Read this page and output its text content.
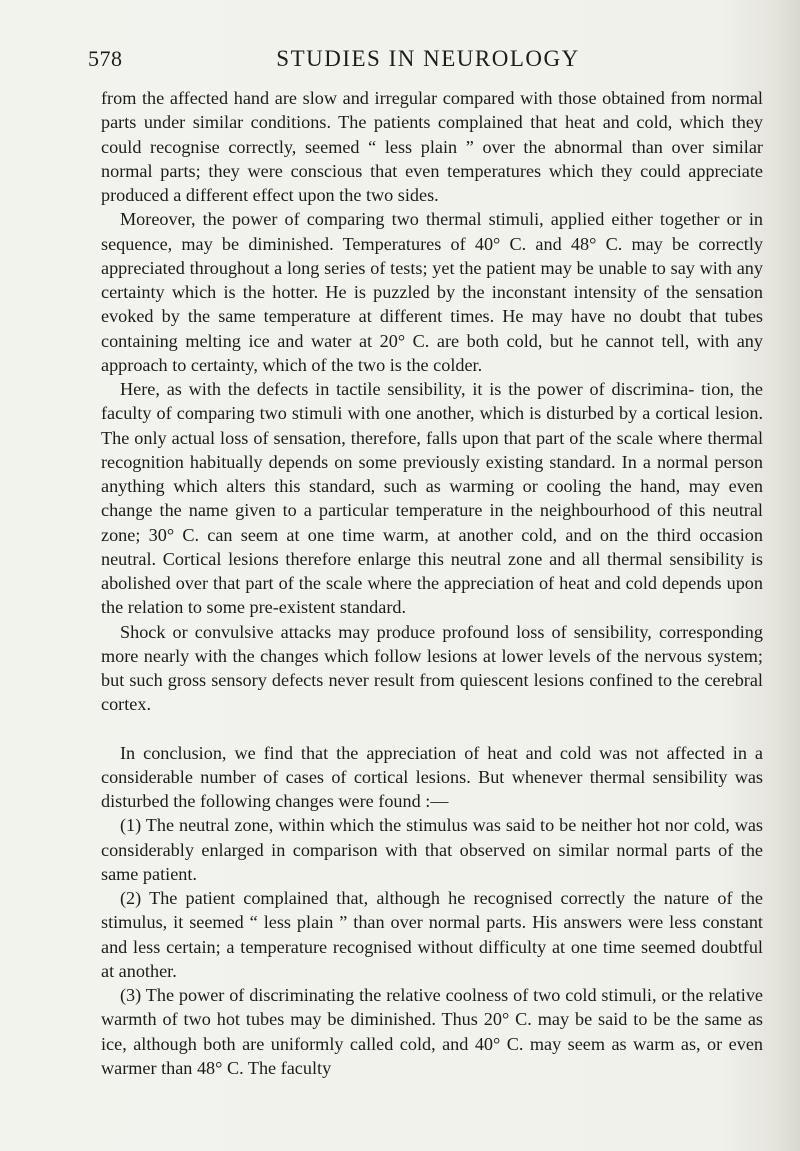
578	STUDIES IN NEUROLOGY

from the affected hand are slow and irregular compared with those obtained from normal parts under similar conditions. The patients complained that heat and cold, which they could recognise correctly, seemed “ less plain ” over the abnormal than over similar normal parts; they were conscious that even temperatures which they could appreciate produced a different effect upon the two sides.

Moreover, the power of comparing two thermal stimuli, applied either together or in sequence, may be diminished. Temperatures of 40° C. and 48° C. may be correctly appreciated throughout a long series of tests; yet the patient may be unable to say with any certainty which is the hotter. He is puzzled by the inconstant intensity of the sensation evoked by the same temperature at different times. He may have no doubt that tubes containing melting ice and water at 20° C. are both cold, but he cannot tell, with any approach to certainty, which of the two is the colder.

Here, as with the defects in tactile sensibility, it is the power of discrimina- tion, the faculty of comparing two stimuli with one another, which is disturbed by a cortical lesion. The only actual loss of sensation, therefore, falls upon that part of the scale where thermal recognition habitually depends on some previously existing standard. In a normal person anything which alters this standard, such as warming or cooling the hand, may even change the name given to a particular temperature in the neighbourhood of this neutral zone; 30° C. can seem at one time warm, at another cold, and on the third occasion neutral. Cortical lesions therefore enlarge this neutral zone and all thermal sensibility is abolished over that part of the scale where the appreciation of heat and cold depends upon the relation to some pre-existent standard.

Shock or convulsive attacks may produce profound loss of sensibility, corresponding more nearly with the changes which follow lesions at lower levels of the nervous system; but such gross sensory defects never result from quiescent lesions confined to the cerebral cortex.

In conclusion, we find that the appreciation of heat and cold was not affected in a considerable number of cases of cortical lesions. But whenever thermal sensibility was disturbed the following changes were found :—

(1) The neutral zone, within which the stimulus was said to be neither hot nor cold, was considerably enlarged in comparison with that observed on similar normal parts of the same patient.

(2) The patient complained that, although he recognised correctly the nature of the stimulus, it seemed “ less plain ” than over normal parts. His answers were less constant and less certain; a temperature recognised without difficulty at one time seemed doubtful at another.

(3) The power of discriminating the relative coolness of two cold stimuli, or the relative warmth of two hot tubes may be diminished. Thus 20° C. may be said to be the same as ice, although both are uniformly called cold, and 40° C. may seem as warm as, or even warmer than 48° C. The faculty
